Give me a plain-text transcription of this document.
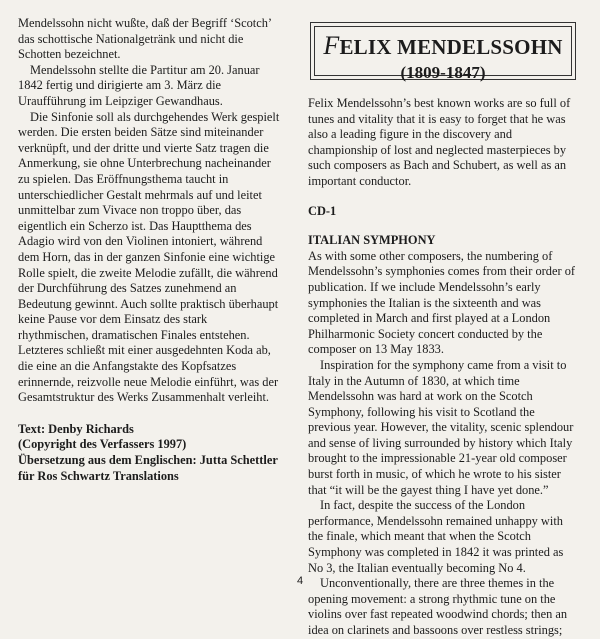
Mendelssohn nicht wußte, daß der Begriff ‘Scotch’ das schottische Nationalgetränk und nicht die Schotten bezeichnet.

Mendelssohn stellte die Partitur am 20. Januar 1842 fertig und dirigierte am 3. März die Uraufführung im Leipziger Gewandhaus.

Die Sinfonie soll als durchgehendes Werk gespielt werden. Die ersten beiden Sätze sind miteinander verknüpft, und der dritte und vierte Satz tragen die Anmerkung, sie ohne Unterbrechung nacheinander zu spielen. Das Eröffnungsthema taucht in unterschiedlicher Gestalt mehrmals auf und leitet unmittelbar zum Vivace non troppo über, das eigentlich ein Scherzo ist. Das Hauptthema des Adagio wird von den Violinen intoniert, während dem Horn, das in der ganzen Sinfonie eine wichtige Rolle spielt, die zweite Melodie zufällt, die während der Durchführung des Satzes zunehmend an Bedeutung gewinnt. Auch sollte praktisch überhaupt keine Pause vor dem Einsatz des stark rhythmischen, dramatischen Finales entstehen. Letzteres schließt mit einer ausgedehnten Koda ab, die eine an die Anfangstakte des Kopfsatzes erinnernde, reizvolle neue Melodie einführt, was der Gesamtstruktur des Werks Zusammenhalt verleiht.

Text: Denby Richards
(Copyright des Verfassers 1997)
Übersetzung aus dem Englischen: Jutta Schettler
für Ros Schwartz Translations
FELIX MENDELSSOHN
(1809-1847)

Felix Mendelssohn’s best known works are so full of tunes and vitality that it is easy to forget that he was also a leading figure in the discovery and championship of lost and neglected masterpieces by such composers as Bach and Schubert, as well as an important conductor.

CD-1
ITALIAN SYMPHONY

As with some other composers, the numbering of Mendelssohn’s symphonies comes from their order of publication. If we include Mendelssohn’s early symphonies the Italian is the sixteenth and was completed in March and first played at a London Philharmonic Society concert conducted by the composer on 13 May 1833.

Inspiration for the symphony came from a visit to Italy in the Autumn of 1830, at which time Mendelssohn was hard at work on the Scotch Symphony, following his visit to Scotland the previous year. However, the vitality, scenic splendour and sense of living surrounded by history which Italy brought to the impressionable 21-year old composer burst forth in music, of which he wrote to his sister that “it will be the gayest thing I have yet done.”

In fact, despite the success of the London performance, Mendelssohn remained unhappy with the finale, which meant that when the Scotch Symphony was completed in 1842 it was printed as No 3, the Italian eventually becoming No 4.

Unconventionally, there are three themes in the opening movement: a strong rhythmic tune on the violins over fast repeated woodwind chords; then an idea on clarinets and bassoons over restless strings;

4
